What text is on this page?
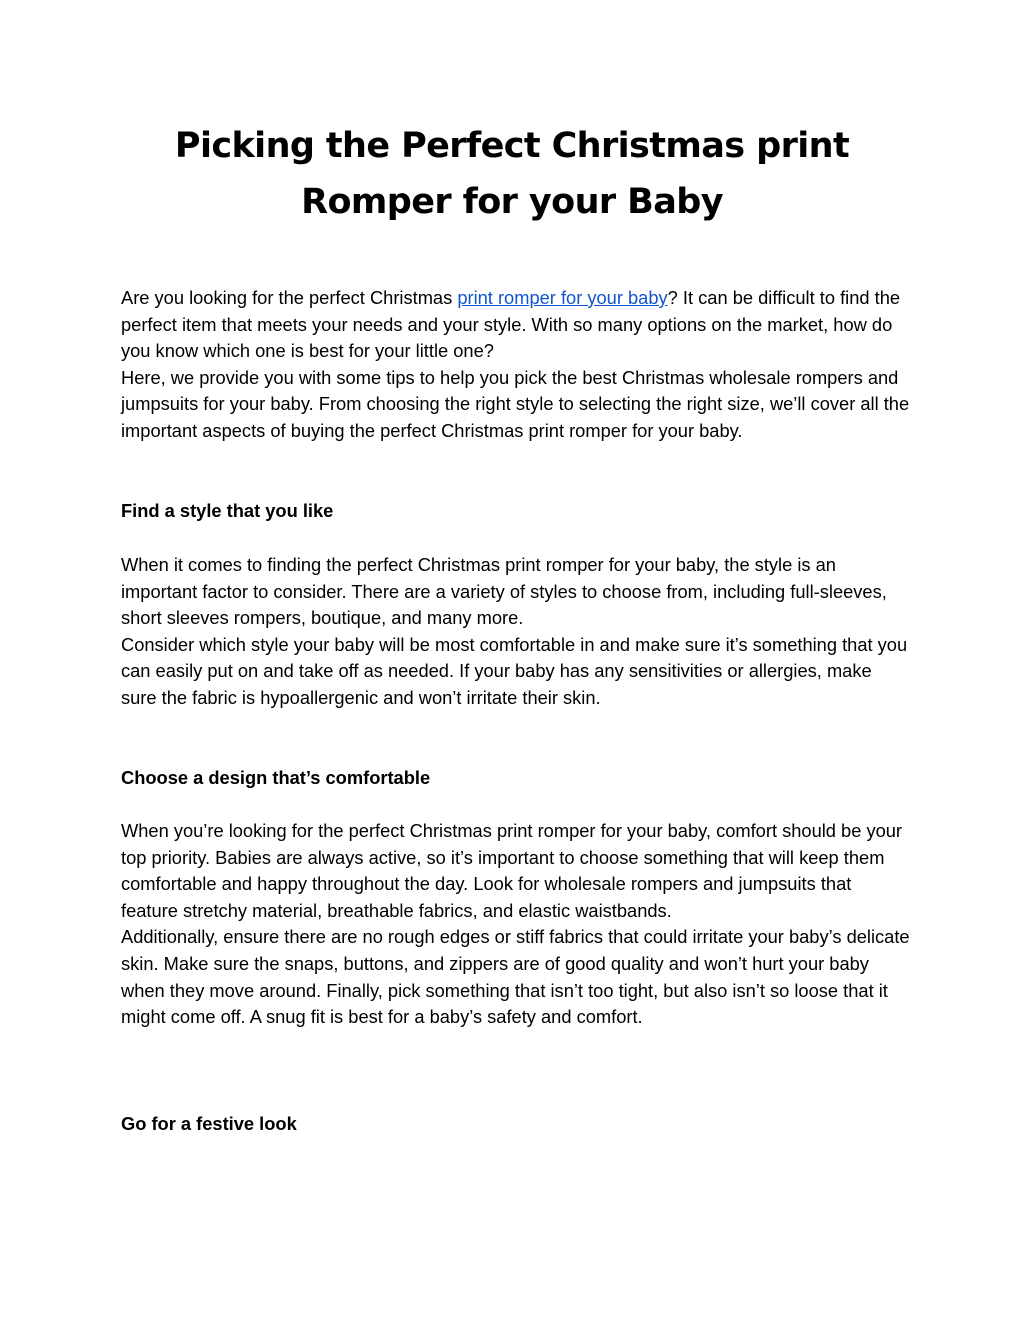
Picking the Perfect Christmas print
Romper for your Baby
Are you looking for the perfect Christmas print romper for your baby? It can be difficult to find the perfect item that meets your needs and your style. With so many options on the market, how do you know which one is best for your little one?
Here, we provide you with some tips to help you pick the best Christmas wholesale rompers and jumpsuits for your baby. From choosing the right style to selecting the right size, we’ll cover all the important aspects of buying the perfect Christmas print romper for your baby.
Find a style that you like
When it comes to finding the perfect Christmas print romper for your baby, the style is an important factor to consider. There are a variety of styles to choose from, including full-sleeves, short sleeves rompers, boutique, and many more.
Consider which style your baby will be most comfortable in and make sure it’s something that you can easily put on and take off as needed. If your baby has any sensitivities or allergies, make sure the fabric is hypoallergenic and won’t irritate their skin.
Choose a design that’s comfortable
When you’re looking for the perfect Christmas print romper for your baby, comfort should be your top priority. Babies are always active, so it’s important to choose something that will keep them comfortable and happy throughout the day. Look for wholesale rompers and jumpsuits that feature stretchy material, breathable fabrics, and elastic waistbands.
Additionally, ensure there are no rough edges or stiff fabrics that could irritate your baby’s delicate skin. Make sure the snaps, buttons, and zippers are of good quality and won’t hurt your baby when they move around. Finally, pick something that isn’t too tight, but also isn’t so loose that it might come off. A snug fit is best for a baby’s safety and comfort.
Go for a festive look
